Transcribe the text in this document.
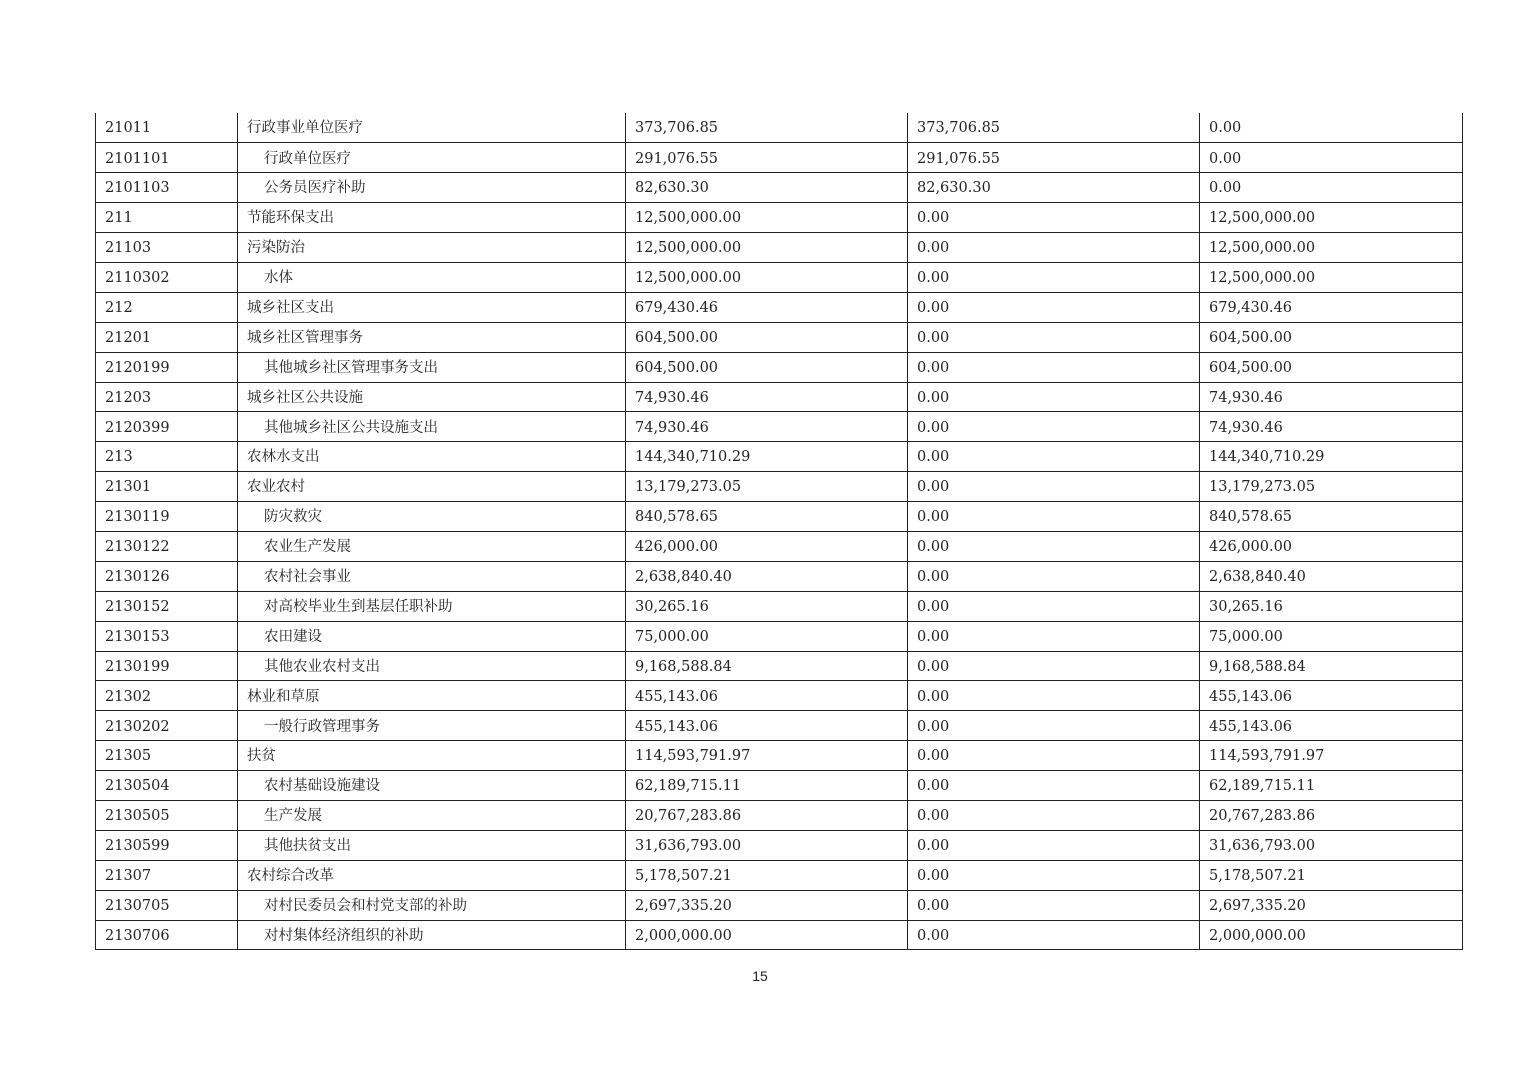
21011	行政事业单位医疗	373,706.85	373,706.85	0.00
2101101	行政单位医疗	291,076.55	291,076.55	0.00
2101103	公务员医疗补助	82,630.30	82,630.30	0.00
211	节能环保支出	12,500,000.00	0.00	12,500,000.00
21103	污染防治	12,500,000.00	0.00	12,500,000.00
2110302	水体	12,500,000.00	0.00	12,500,000.00
212	城乡社区支出	679,430.46	0.00	679,430.46
21201	城乡社区管理事务	604,500.00	0.00	604,500.00
2120199	其他城乡社区管理事务支出	604,500.00	0.00	604,500.00
21203	城乡社区公共设施	74,930.46	0.00	74,930.46
2120399	其他城乡社区公共设施支出	74,930.46	0.00	74,930.46
213	农林水支出	144,340,710.29	0.00	144,340,710.29
21301	农业农村	13,179,273.05	0.00	13,179,273.05
2130119	防灾救灾	840,578.65	0.00	840,578.65
2130122	农业生产发展	426,000.00	0.00	426,000.00
2130126	农村社会事业	2,638,840.40	0.00	2,638,840.40
2130152	对高校毕业生到基层任职补助	30,265.16	0.00	30,265.16
2130153	农田建设	75,000.00	0.00	75,000.00
2130199	其他农业农村支出	9,168,588.84	0.00	9,168,588.84
21302	林业和草原	455,143.06	0.00	455,143.06
2130202	一般行政管理事务	455,143.06	0.00	455,143.06
21305	扶贫	114,593,791.97	0.00	114,593,791.97
2130504	农村基础设施建设	62,189,715.11	0.00	62,189,715.11
2130505	生产发展	20,767,283.86	0.00	20,767,283.86
2130599	其他扶贫支出	31,636,793.00	0.00	31,636,793.00
21307	农村综合改革	5,178,507.21	0.00	5,178,507.21
2130705	对村民委员会和村党支部的补助	2,697,335.20	0.00	2,697,335.20
2130706	对村集体经济组织的补助	2,000,000.00	0.00	2,000,000.00
15
